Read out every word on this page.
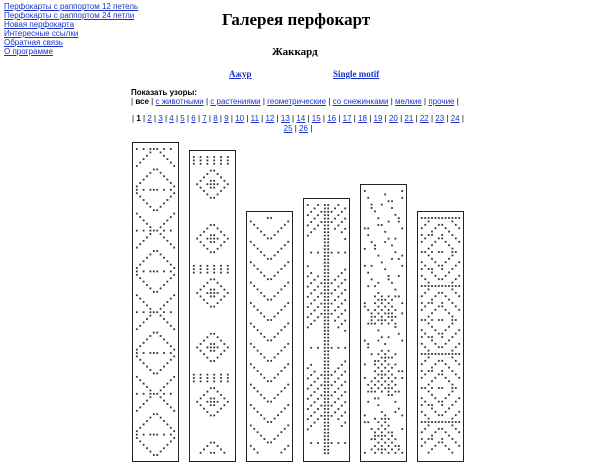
Перфокарты с раппортом 12 петель
Перфокарты с раппортом 24 петли
Новая перфокарта
Интересные ссылки
Обратная связь
О программе
Галерея перфокарт
Жаккард
Ажур	Single motif
Показать узоры:
| все | с животными | с растениями | геометрические | со снежинками | мелкие | прочие |
| 1 | 2 | 3 | 4 | 5 | 6 | 7 | 8 | 9 | 10 | 11 | 12 | 13 | 14 | 15 | 16 | 17 | 18 | 19 | 20 | 21 | 22 | 23 | 24 | 25 | 26 |
